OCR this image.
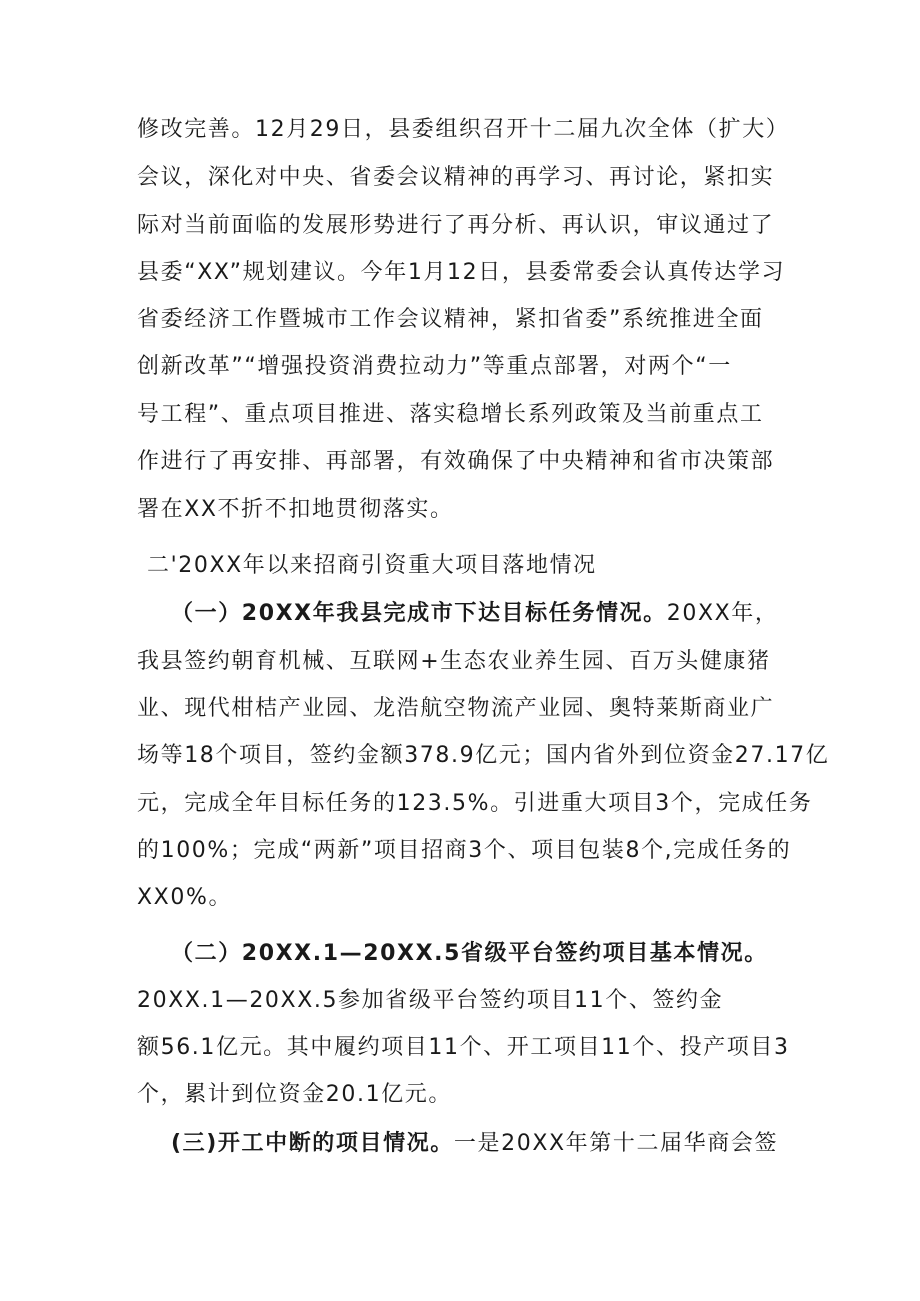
修改完善。12月29日，县委组织召开十二届九次全体（扩大）
会议，深化对中央、省委会议精神的再学习、再讨论，紧扣实
际对当前面临的发展形势进行了再分析、再认识，审议通过了
县委“XX”规划建议。今年1月12日，县委常委会认真传达学习
省委经济工作暨城市工作会议精神，紧扣省委”系统推进全面
创新改革”“增强投资消费拉动力”等重点部署，对两个“一
号工程”、重点项目推进、落实稳增长系列政策及当前重点工
作进行了再安排、再部署，有效确保了中央精神和省市决策部
署在XX不折不扣地贯彻落实。
二'20XX年以来招商引资重大项目落地情况
（一）20XX年我县完成市下达目标任务情况。20XX年，
我县签约朝育机械、互联网+生态农业养生园、百万头健康猪
业、现代柑桔产业园、龙浩航空物流产业园、奥特莱斯商业广
场等18个项目，签约金额378.9亿元；国内省外到位资金27.17亿
元，完成全年目标任务的123.5%。引进重大项目3个，完成任务
的100%；完成“两新”项目招商3个、项目包装8个,完成任务的
XX0%。
（二）20XX.1—20XX.5省级平台签约项目基本情况。
20XX.1—20XX.5参加省级平台签约项目11个、签约金
额56.1亿元。其中履约项目11个、开工项目11个、投产项目3
个，累计到位资金20.1亿元。
(三)开工中断的项目情况。一是20XX年第十二届华商会签
